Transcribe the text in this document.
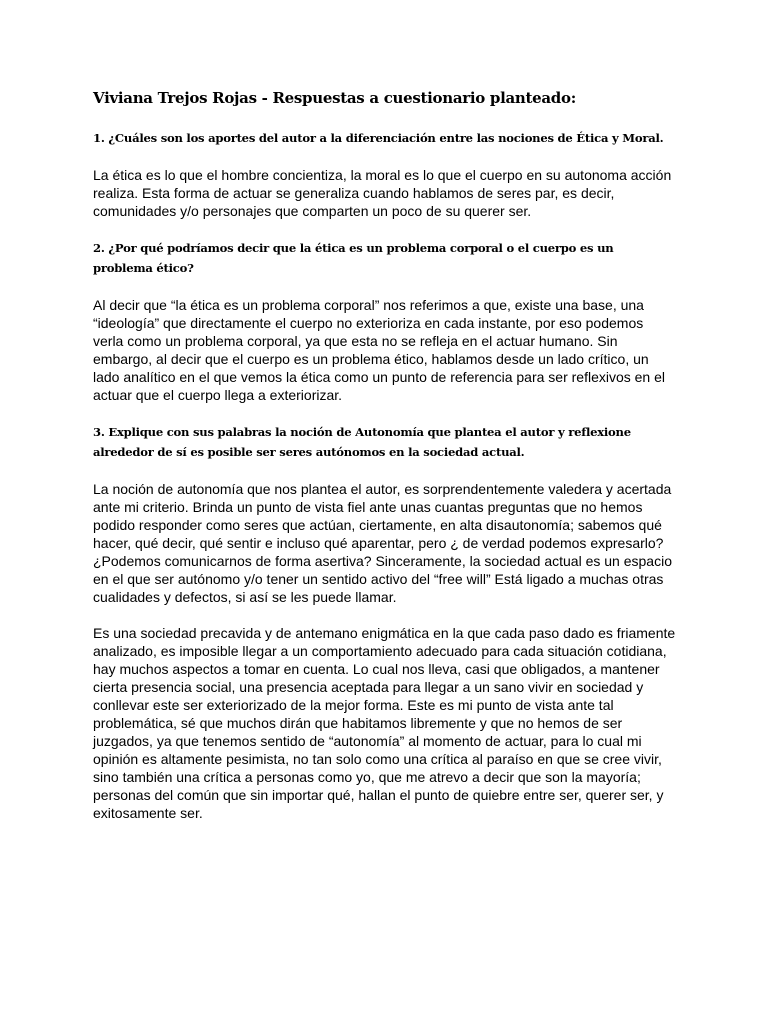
Viviana Trejos Rojas - Respuestas a cuestionario planteado:
1. ¿Cuáles son los aportes del autor a la diferenciación entre las nociones de Ética y Moral.

La ética es lo que el hombre concientiza, la moral es lo que el cuerpo en su autonoma acción realiza. Esta forma de actuar se generaliza cuando hablamos de seres par, es decir, comunidades y/o personajes que comparten un poco de su querer ser.

2. ¿Por qué podríamos decir que la ética es un problema corporal o el cuerpo es un problema ético?

Al decir que “la ética es un problema corporal” nos referimos a que, existe una base, una “ideología” que directamente el cuerpo no exterioriza en cada instante, por eso podemos verla como un problema corporal, ya que esta no se refleja en el actuar humano. Sin embargo, al decir que el cuerpo es un problema ético, hablamos desde un lado crítico, un lado analítico en el que vemos la ética como un punto de referencia para ser reflexivos en el actuar que el cuerpo llega a exteriorizar.

3. Explique con sus palabras la noción de Autonomía que plantea el autor y reflexione alrededor de sí es posible ser seres autónomos en la sociedad actual.

La noción de autonomía que nos plantea el autor, es sorprendentemente valedera y acertada ante mi criterio. Brinda un punto de vista fiel ante unas cuantas preguntas que no hemos podido responder como seres que actúan, ciertamente, en alta disautonomía; sabemos qué hacer, qué decir, qué sentir e incluso qué aparentar, pero ¿ de verdad podemos expresarlo? ¿Podemos comunicarnos de forma asertiva? Sinceramente, la sociedad actual es un espacio en el que ser autónomo y/o tener un sentido activo del “free will” Está ligado a muchas otras cualidades y defectos, si así se les puede llamar.

Es una sociedad precavida y de antemano enigmática en la que cada paso dado es friamente analizado, es imposible llegar a un comportamiento adecuado para cada situación cotidiana, hay muchos aspectos a tomar en cuenta. Lo cual nos lleva, casi que obligados, a mantener cierta presencia social, una presencia aceptada para llegar a un sano vivir en sociedad y conllevar este ser exteriorizado de la mejor forma. Este es mi punto de vista ante tal problemática, sé que muchos dirán que habitamos libremente y que no hemos de ser juzgados, ya que tenemos sentido de “autonomía” al momento de actuar, para lo cual mi opinión es altamente pesimista, no tan solo como una crítica al paraíso en que se cree vivir, sino también una crítica a personas como yo, que me atrevo a decir que son la mayoría; personas del común que sin importar qué, hallan el punto de quiebre entre ser, querer ser, y exitosamente ser.
